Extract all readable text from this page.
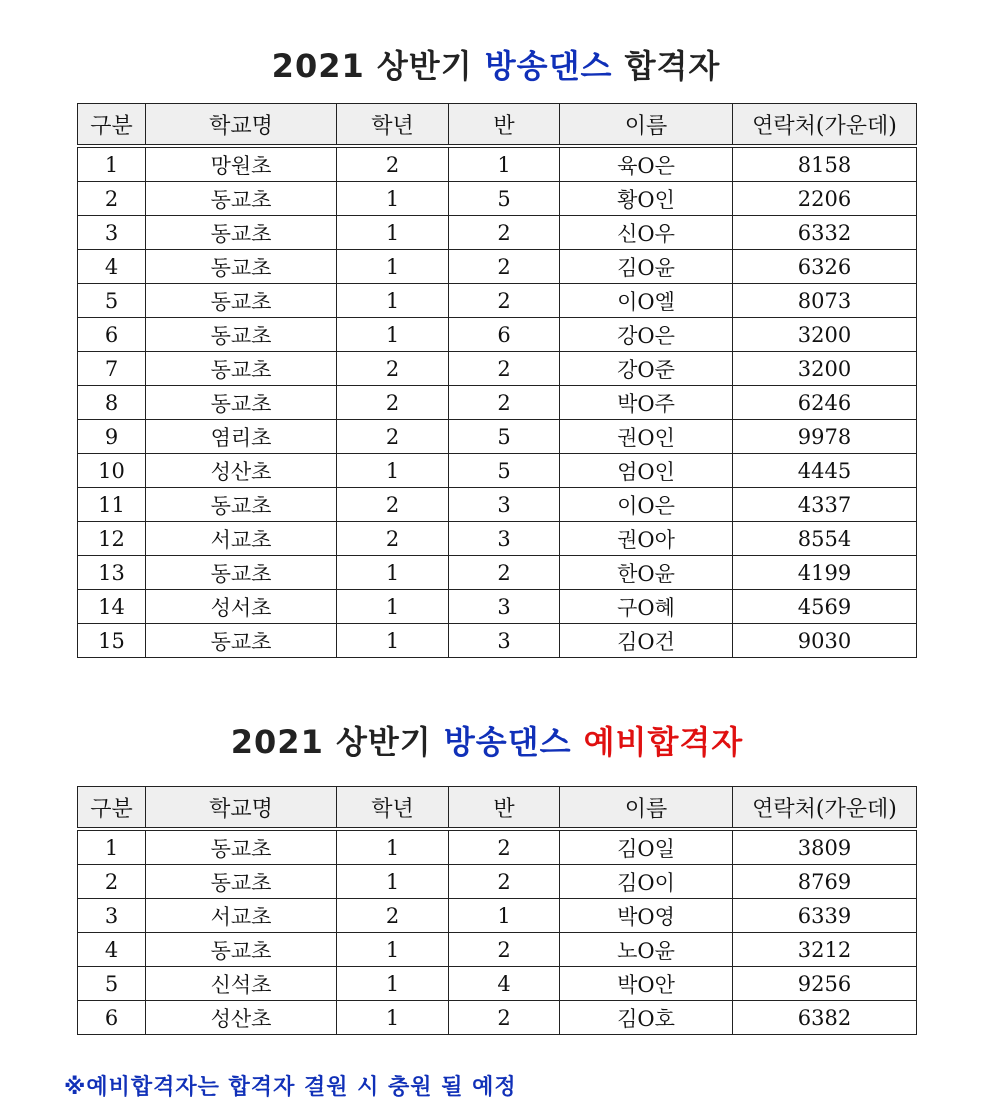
2021 상반기 방송댄스 합격자
구분	학교명	학년	반	이름	연락처(가운데)
1	망원초	2	1	육O은	8158
2	동교초	1	5	황O인	2206
3	동교초	1	2	신O우	6332
4	동교초	1	2	김O윤	6326
5	동교초	1	2	이O엘	8073
6	동교초	1	6	강O은	3200
7	동교초	2	2	강O준	3200
8	동교초	2	2	박O주	6246
9	염리초	2	5	권O인	9978
10	성산초	1	5	엄O인	4445
11	동교초	2	3	이O은	4337
12	서교초	2	3	권O아	8554
13	동교초	1	2	한O윤	4199
14	성서초	1	3	구O혜	4569
15	동교초	1	3	김O건	9030
2021 상반기 방송댄스 예비합격자
구분	학교명	학년	반	이름	연락처(가운데)
1	동교초	1	2	김O일	3809
2	동교초	1	2	김O이	8769
3	서교초	2	1	박O영	6339
4	동교초	1	2	노O윤	3212
5	신석초	1	4	박O안	9256
6	성산초	1	2	김O호	6382
※예비합격자는 합격자 결원 시 충원 될 예정
